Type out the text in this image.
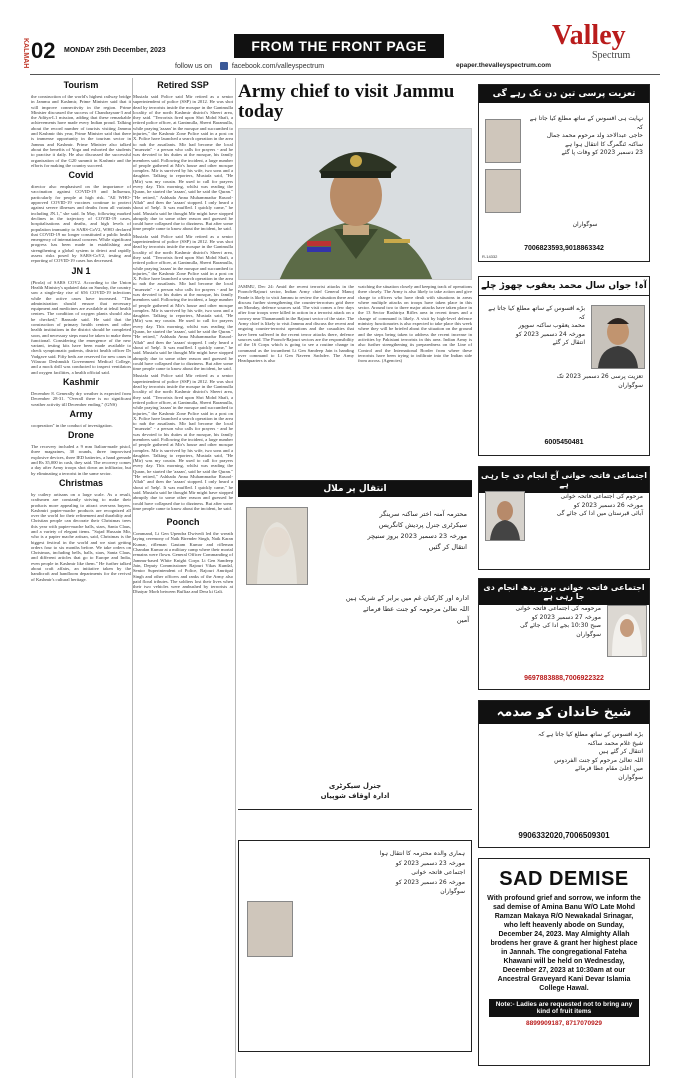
KALMAH02 MONDAY 25th December, 2023	FROM THE FRONT PAGE
follow us on	facebook.com/valleyspectrum	epaper.thevalleyspectrum.com
Valley
Spectrum
Tourism

the construction of the world's highest railway bridge in Jammu and Kashmir, Prime Minister said that it will improve connectivity in the region. Prime Minister discussed the success of Chandrayaan-3 and the Aditya-L1 mission, adding that these remarkable achievements have made every Indian proud. Talking about the record number of tourists visiting Jammu and Kashmir this year, Prime Minister said that there is immense opportunity in the tourism sector in Jammu and Kashmir. Prime Minister also talked about the benefits of Yoga and exhorted the students to practise it daily. He also discussed the successful organisation of the G20 summit in Kashmir and the efforts for making the country succeed.

Covid

director also emphasised on the importance of vaccination against COVID-19 and Influenza, particularly for people at high risk. "All WHO-approved COVID-19 vaccines continue to protect against severe illnesses and deaths from all variants including JN.1," she said. In May, following marked declines in the trajectory of COVID-19 cases, hospitalisations and deaths, and high levels of population immunity to SARS-CoV2, WHO declared that COVID-19 no longer constituted a public health emergency of international concern. While significant progress has been made in establishing and strengthening a global system to detect and rapidly assess risks posed by SARS-CoV2, testing and reporting of COVID-19 cases has decreased.

JN 1

(Pirola) of SARS COV2. According to the Union Health Ministry's updated data on Sunday, the country saw a single-day rise of 656 COVID-19 infections while the active cases have increased. "The administration should ensure that necessary equipment and medicines are available at tehsil health centres. The condition of oxygen plants should also be checked," Bansode said. He said that the construction of primary health centres and other health institutions in the district should be completed soon, and necessary steps must be taken to make them functional. Considering the emergence of the new variant, testing kits have been made available to check symptomatic patients, district health officer Dr Vadgave said. Fifty beds are reserved for new cases in Vilasrao Deshmukh Government Medical College, and a mock drill was conducted to inspect ventilators and oxygen facilities, a health official said.

Kashmir

December 8. Generally dry weather is expected from December 28-31. "Overall there is no significant weather activity till December ending." (GNS)

Army

cooperation" in the conduct of investigation.

Drone

The recovery included a 9 mm Italian-made pistol, three magazines, 30 rounds, three improvised explosive devices, three IED batteries, a hand grenade and Rs 35,000 in cash, they said. The recovery comes a day after Army troops shot down an infiltrator, but by eliminating a terrorist in the same sector.

Christmas

by cutlery artisans on a large scale. As a result, craftsmen are constantly striving to make their products more appealing to attract overseas buyers. Kashmiri papier-mache products are recognized all over the world for their refinement and durability and Christian people can decorate their Christmas trees this year with papier-mache balls, stars, Santa Claus, and a variety of elegant items. "Sajad Hussain Mir, who is a papier mache artisan, said, Christmas is the biggest festival in the world and we start getting orders four to six months before. We take orders on Christmas, including bells, balls, stars, Santa Claus, and different articles that go to Europe and India, even people in Kashmir like them." He further talked about craft affairs, an initiative taken by the handicraft and handloom departments for the revival of Kashmir's cultural heritage.

Retired SSP

Mustafa said Police said Mir retired as a senior superintendent of police (SSP) in 2012. He was shot dead by terrorists inside the mosque in the Gantmulla locality of the north Kashmir district's Sheeri area, they said. "Terrorists fired upon Shri Mohd Shafi, a retired police officer, at Gantmulla, Sheeri Baramulla, while praying 'azaan' in the mosque and succumbed to injuries," the Kashmir Zone Police said in a post on X. Police have launched a search operation in the area to nab the assailants. Mir had become the local "muezzin" - a person who calls for prayers - and he was devoted to his duties at the mosque, his family members said. Following the incident, a large number of people gathered at Mir's house and other mosque complex. Mir is survived by his wife, two sons and a daughter. Talking to reporters, Mustafa said, "He (Mir) was my cousin. He used to call for prayers every day. This morning, whilst was reading the Quran, he started the 'azaan', said he said the Quran." "He retired," Ashhada Anna Muhammadur Rasool-Allah" and then the 'azaan' stopped. I only heard a shout of 'help'. It was muffled. I quickly came," he said. Mustafa said he thought Mir might have stopped abruptly due to some other reason and guessed he could have collapsed due to dizziness. But after some time people came to know about the incident, he said.

Mustafa said Police said Mir retired as a senior superintendent of police (SSP) in 2012. He was shot dead by terrorists inside the mosque in the Gantmulla locality of the north Kashmir district's Sheeri area, they said. "Terrorists fired upon Shri Mohd Shafi, a retired police officer, at Gantmulla, Sheeri Baramulla, while praying 'azaan' in the mosque and succumbed to injuries," the Kashmir Zone Police said in a post on X. Police have launched a search operation in the area to nab the assailants. Mir had become the local "muezzin" - a person who calls for prayers - and he was devoted to his duties at the mosque, his family members said. Following the incident, a large number of people gathered at Mir's house and other mosque complex. Mir is survived by his wife, two sons and a daughter. Talking to reporters, Mustafa said, "He (Mir) was my cousin. He used to call for prayers every day. This morning, whilst was reading the Quran, he started the 'azaan', said he said the Quran." "He retired," Ashhada Anna Muhammadur Rasool-Allah" and then the 'azaan' stopped. I only heard a shout of 'help'. It was muffled. I quickly came," he said. Mustafa said he thought Mir might have stopped abruptly due to some other reason and guessed he could have collapsed due to dizziness. But after some time people came to know about the incident, he said.

Mustafa said Police said Mir retired as a senior superintendent of police (SSP) in 2012. He was shot dead by terrorists inside the mosque in the Gantmulla locality of the north Kashmir district's Sheeri area, they said. "Terrorists fired upon Shri Mohd Shafi, a retired police officer, at Gantmulla, Sheeri Baramulla, while praying 'azaan' in the mosque and succumbed to injuries," the Kashmir Zone Police said in a post on X. Police have launched a search operation in the area to nab the assailants. Mir had become the local "muezzin" - a person who calls for prayers - and he was devoted to his duties at the mosque, his family members said. Following the incident, a large number of people gathered at Mir's house and other mosque complex. Mir is survived by his wife, two sons and a daughter. Talking to reporters, Mustafa said, "He (Mir) was my cousin. He used to call for prayers every day. This morning, whilst was reading the Quran, he started the 'azaan', said he said the Quran." "He retired," Ashhada Anna Muhammadur Rasool-Allah" and then the 'azaan' stopped. I only heard a shout of 'help'. It was muffled. I quickly came," he said. Mustafa said he thought Mir might have stopped abruptly due to some other reason and guessed he could have collapsed due to dizziness. But after some time people came to know about the incident, he said.

Poonch

Command, Lt Gen Upendra Dwivedi led the wreath laying ceremony of Naik Birender Singh, Naik Karan Kumar, rifleman Gautam Kumar and rifleman Chandan Kumar at a military camp where their mortal remains were flown. General Officer Commanding of Jammu-based White Knight Corps Lt Gen Sandeep Jain, Deputy Commissioner Rajouri Vikas Kundal, Senior Superintendent of Police, Rajouri Amritpal Singh and other officers and ranks of the Army also paid floral tributes. The soldiers lost their lives when their two vehicles were ambushed by terrorists at Dhatyar Morh between Bufliaz and Dera ki Gali.

Army chief to visit Jammu today

JAMMU, Dec 24: Amid the recent terrorist attacks in the Poonch-Rajouri sector, Indian Army chief General Manoj Pande is likely to visit Jammu to review the situation there and discuss further strengthening the counter-terrorism grid there on Monday, defence sources said. The visit comes a few days after four troops were killed in action in a terrorist attack on a convoy near Thanamandi in the Rajouri sector of the state. The Army chief is likely to visit Jammu and discuss the recent and ongoing counter-terrorist operations and the casualties that have been suffered in the recent terror attacks there, defence sources said. The Poonch-Rajouri sectors are the responsibility of the 16 Corps which is going to see a routine change in command as the incumbent Lt Gen Sandeep Jain is handing over command to Lt Gen Naveen Sachdev. The Army Headquarters is also

watching the situation closely and keeping track of operations there closely. The Army is also likely to take action and give charge to officers who have dealt with situations in areas where multiple attacks on troops have taken place in this sector. Around two to three major attacks have taken place in the 13 Sector Rashtriya Rifles area in recent times and a change of command is likely. A visit by high-level defence ministry functionaries is also expected to take place this week where they will be briefed about the situation on the ground and the steps being taken to address the recent increase in activities by Pakistani terrorists in this area. Indian Army is also further strengthening its preparedness on the Line of Control and the International Border from where these terrorists have been trying to infiltrate into the Indian side from across. (Agencies)

انتقال پر ملال
محترمہ آمنہ اختر ساکنہ سرینگر
سیکرٹری جنرل پردیش کانگریس
مورخہ 23 دسمبر 2023 بروز سنیچر
انتقال کر گئیں
ادارہ اور کارکنان غم میں برابر کے شریک ہیں
اللہ تعالیٰ مرحومہ کو جنت عطا فرمائے
آمین
جنرل سیکرٹری
ادارہ اوقاف شوپیاں
ہماری والدہ محترمہ کا انتقال ہوا
مورخہ 23 دسمبر 2023 کو
اجتماعی فاتحہ خوانی
مورخہ 26 دسمبر 2023 کو
سوگواران
تعزیت پرسی تین دن تک رہے گی
نہایت ہی افسوس کے ساتھ مطلع کیا جاتا ہے کہ
حاجی عبدالاحد ولد مرحوم محمد جمال
ساکنہ ٹنگمرگ کا انتقال ہوا ہے
23 دسمبر 2023 کو وفات پا گئے
سوگواران
7006823593,9018863342
R-14332
آہ! جواں سال محمد یعقوب چھوڑ چلے
بڑے افسوس کے ساتھ مطلع کیا جاتا ہے کہ
محمد یعقوب ساکنہ سوپور
مورخہ 24 دسمبر 2023 کو
انتقال کر گئے
تعزیت پرسی 26 دسمبر 2023 تک
سوگواران
6005450481
اجتماعی فاتحہ خوانی آج انجام دی جا رہی ہے
مرحوم کی اجتماعی فاتحہ خوانی
مورخہ 26 دسمبر 2023 کو
آبائی قبرستان میں ادا کی جائے گی
اجتماعی فاتحہ خوانی بروز بدھ انجام دی جا رہی ہے
مرحومہ کی اجتماعی فاتحہ خوانی
مورخہ 27 دسمبر 2023 کو
صبح 10:30 بجے ادا کی جائے گی
سوگواران
9697883888,7006922322
شیخ خاندان کو صدمہ
بڑے افسوس کے ساتھ مطلع کیا جاتا ہے کہ
شیخ غلام محمد ساکنہ
انتقال کر گئے ہیں
اللہ تعالیٰ مرحوم کو جنت الفردوس
میں اعلیٰ مقام عطا فرمائے
سوگواران
9906332020,7006509301
SAD DEMISE
With profound grief and sorrow, we inform the sad demise of Amina Banu W/O Late Mohd Ramzan Makaya R/O Newakadal Srinagar, who left heavenly abode on Sunday, December 24, 2023. May Almighty Allah brodens her grave & grant her highest place in Jannah. The congregational Fateha Khawani will be held on Wednesday, December 27, 2023 at 10:30am at our Ancestral Graveyard Kani Devar Islamia College Hawal.
Note:- Ladies are requested not to bring any kind of fruit items
8899909187, 8717070929
